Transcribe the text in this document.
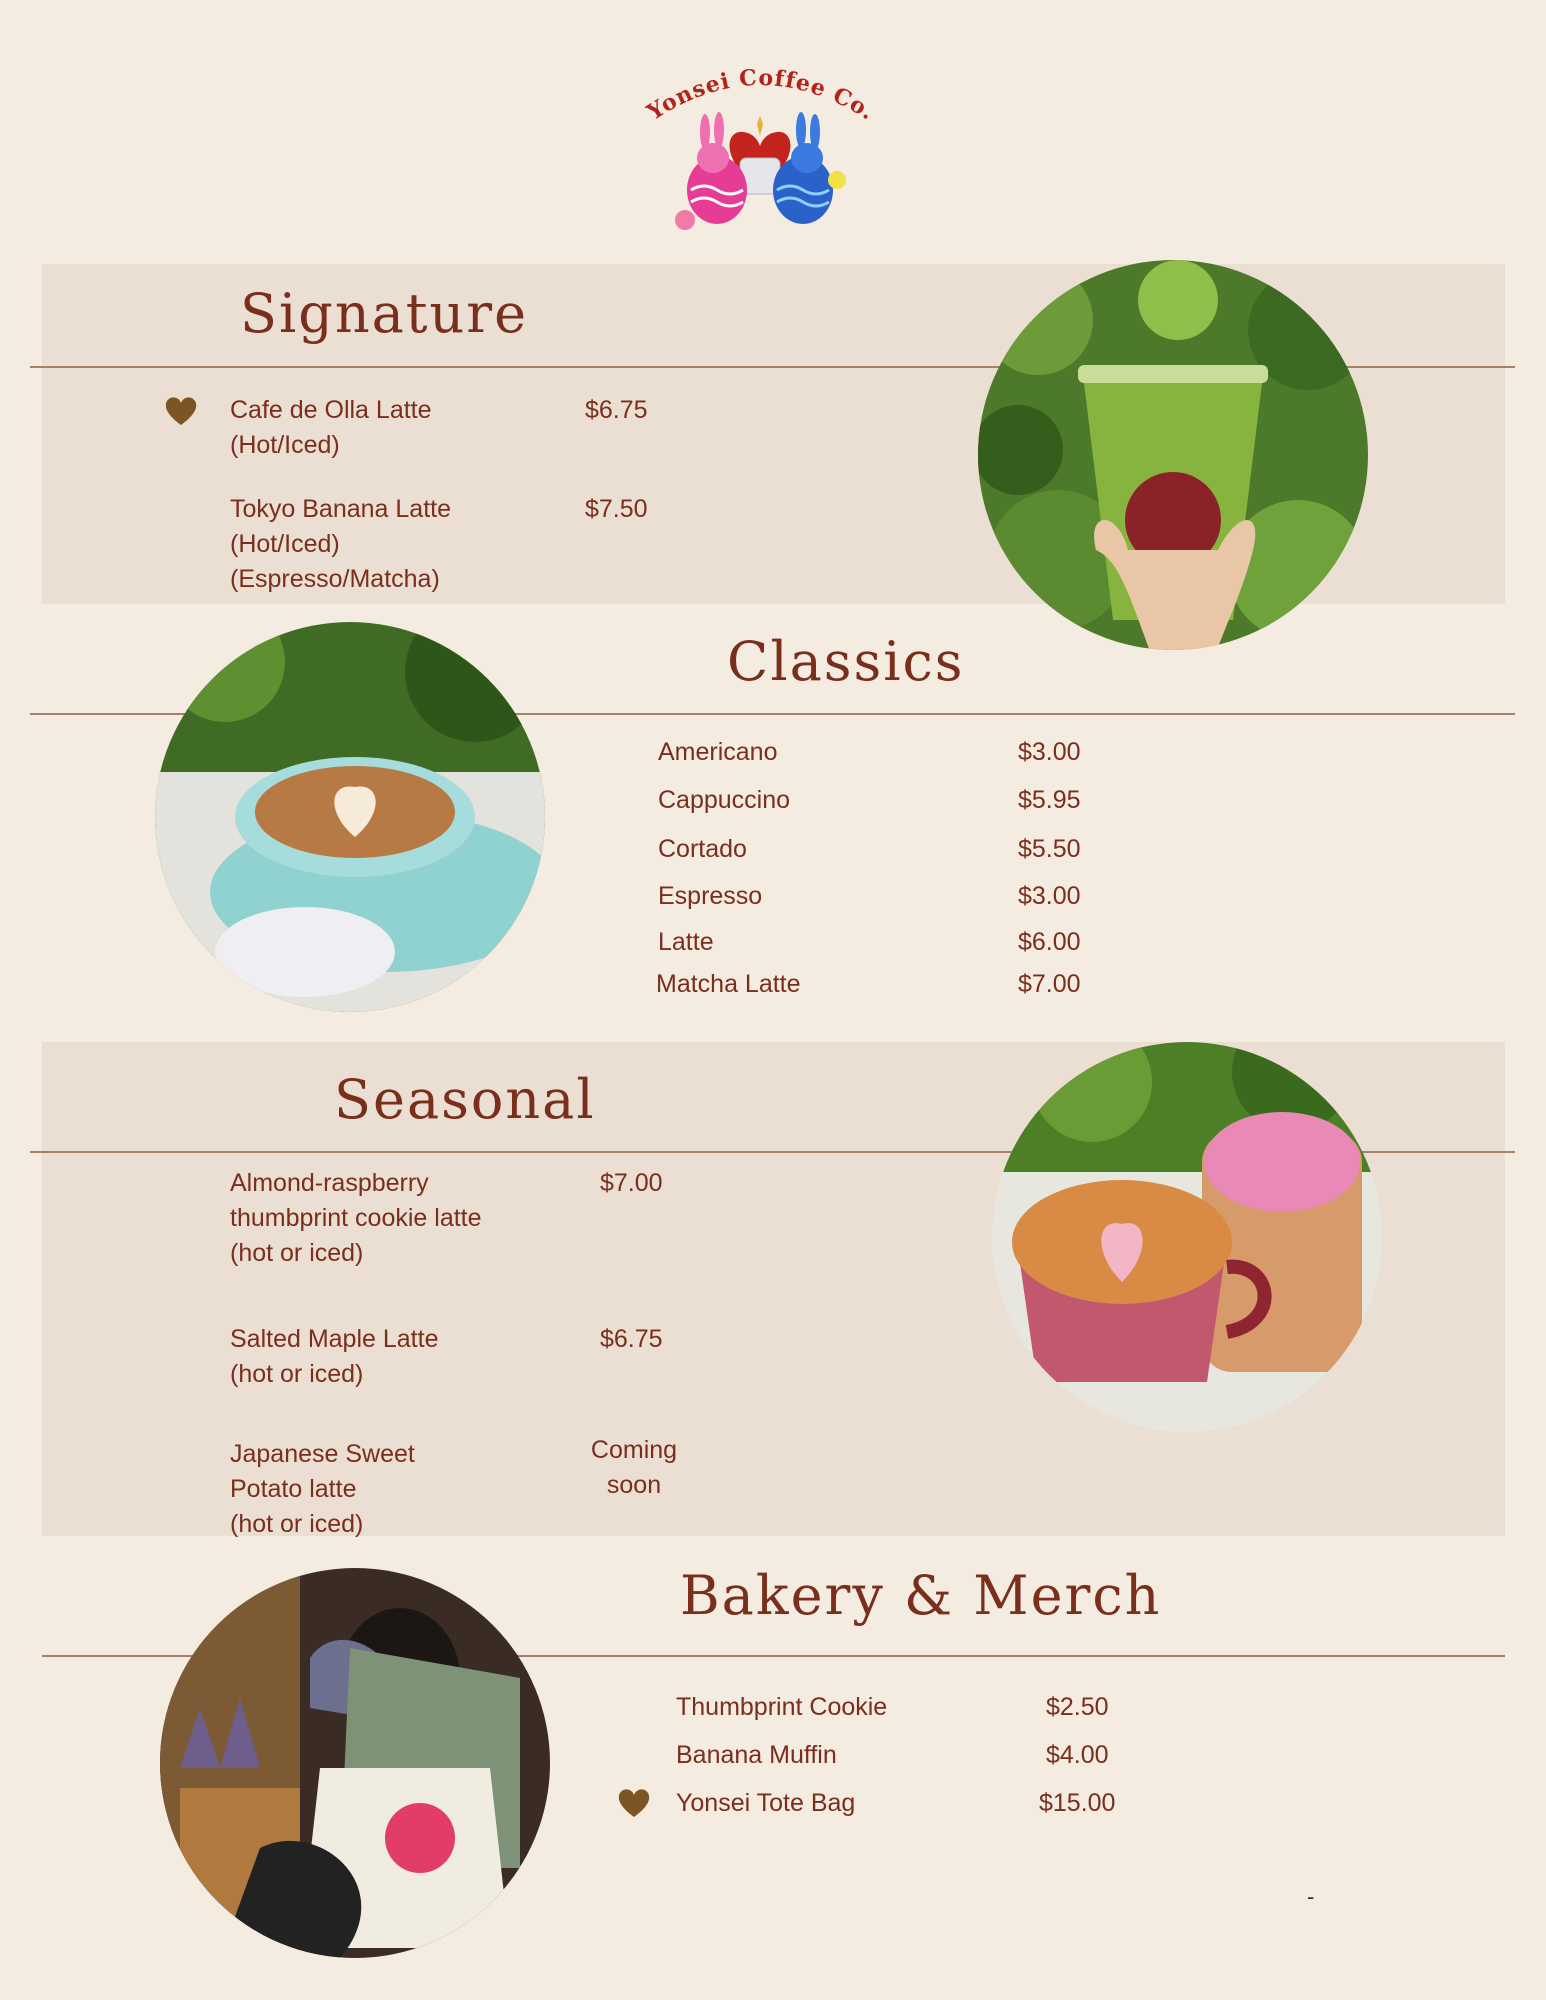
Yonsei Coffee Co.
Signature
Cafe de Olla Latte
(Hot/Iced)
$6.75
Tokyo Banana Latte
(Hot/Iced)
(Espresso/Matcha)
$7.50
Classics
Americano	$3.00
Cappuccino	$5.95
Cortado	$5.50
Espresso	$3.00
Latte	$6.00
Matcha Latte	$7.00
Seasonal
Almond-raspberry
thumbprint cookie latte
(hot or iced)
$7.00
Salted Maple Latte
(hot or iced)
$6.75
Japanese Sweet
Potato latte
(hot or iced)
Coming
soon
Bakery & Merch
Thumbprint Cookie	$2.50
Banana Muffin	$4.00
Yonsei Tote Bag	$15.00
-
